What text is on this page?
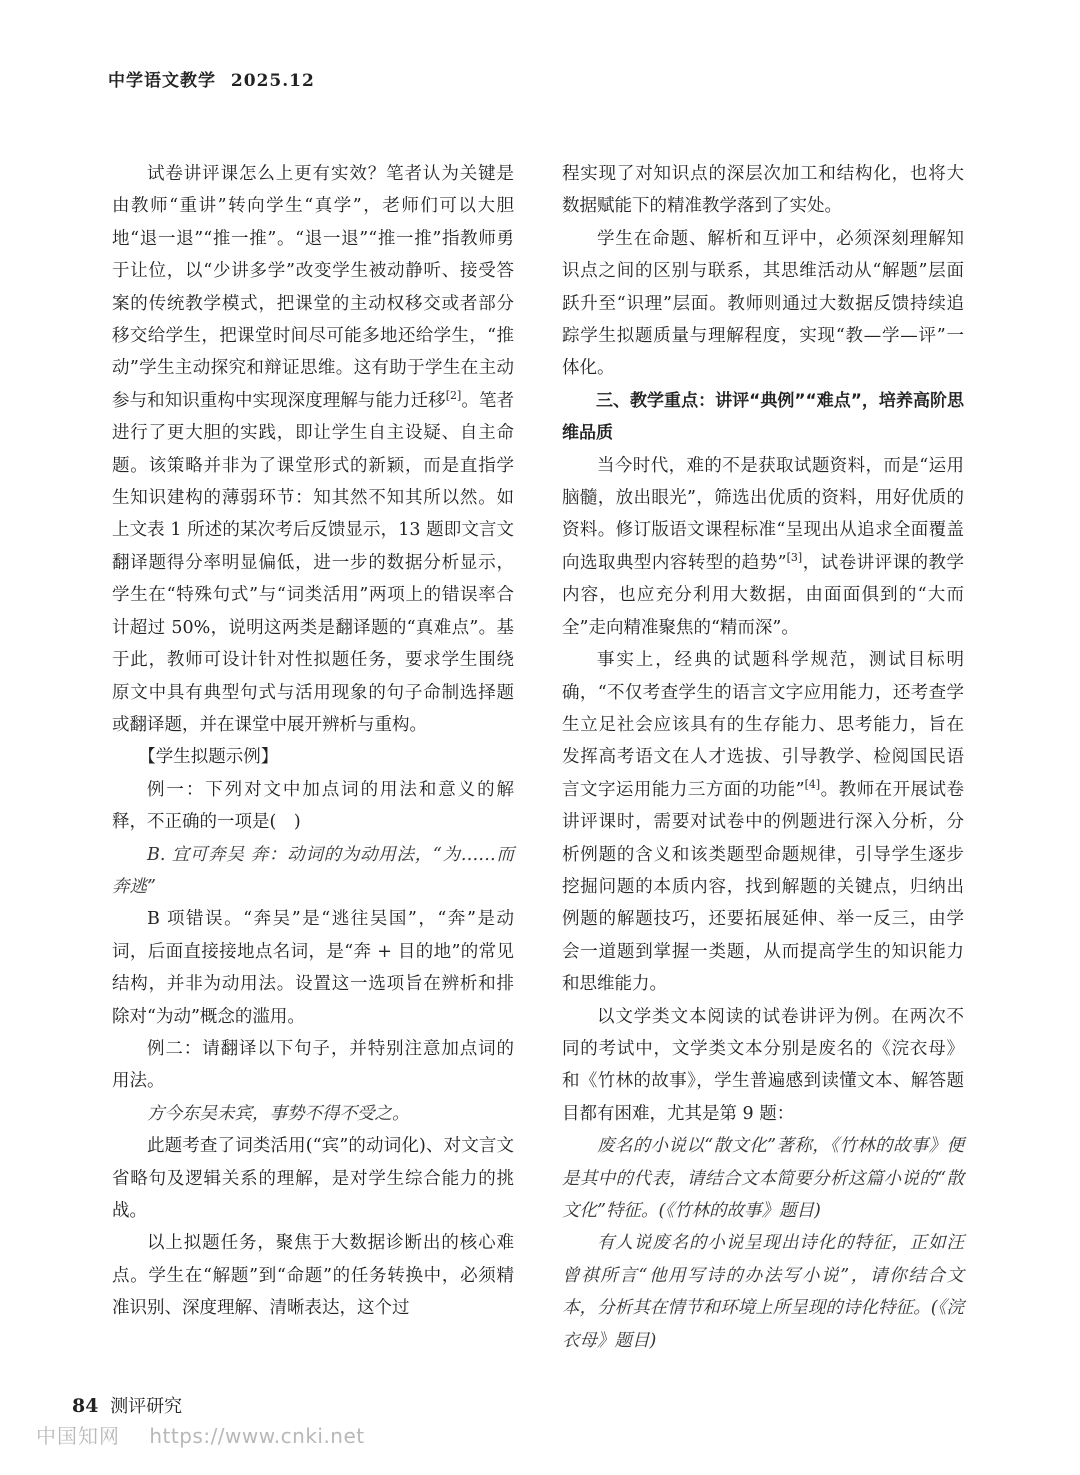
中学语文教学 2025.12

试卷讲评课怎么上更有实效？笔者认为关键是由教师“重讲”转向学生“真学”，老师们可以大胆地“退一退”“推一推”。“退一退”“推一推”指教师勇于让位，以“少讲多学”改变学生被动静听、接受答案的传统教学模式，把课堂的主动权移交或者部分移交给学生，把课堂时间尽可能多地还给学生，“推动”学生主动探究和辩证思维。这有助于学生在主动参与和知识重构中实现深度理解与能力迁移[2]。笔者进行了更大胆的实践，即让学生自主设疑、自主命题。该策略并非为了课堂形式的新颖，而是直指学生知识建构的薄弱环节：知其然不知其所以然。如上文表 1 所述的某次考后反馈显示，13 题即文言文翻译题得分率明显偏低，进一步的数据分析显示，学生在“特殊句式”与“词类活用”两项上的错误率合计超过 50%，说明这两类是翻译题的“真难点”。基于此，教师可设计针对性拟题任务，要求学生围绕原文中具有典型句式与活用现象的句子命制选择题或翻译题，并在课堂中展开辨析与重构。

【学生拟题示例】

例一：下列对文中加点词的用法和意义的解释，不正确的一项是(　)

B. 宜可奔吴 奔：动词的为动用法，“为……而奔逃”

B 项错误。“奔吴”是“逃往吴国”，“奔”是动词，后面直接接地点名词，是“奔 + 目的地”的常见结构，并非为动用法。设置这一选项旨在辨析和排除对“为动”概念的滥用。

例二：请翻译以下句子，并特别注意加点词的用法。

方今东吴未宾，事势不得不受之。

此题考查了词类活用(“宾”的动词化)、对文言文省略句及逻辑关系的理解，是对学生综合能力的挑战。

以上拟题任务，聚焦于大数据诊断出的核心难点。学生在“解题”到“命题”的任务转换中，必须精准识别、深度理解、清晰表达，这个过

程实现了对知识点的深层次加工和结构化，也将大数据赋能下的精准教学落到了实处。

学生在命题、解析和互评中，必须深刻理解知识点之间的区别与联系，其思维活动从“解题”层面跃升至“识理”层面。教师则通过大数据反馈持续追踪学生拟题质量与理解程度，实现“教—学—评”一体化。

三、教学重点：讲评“典例”“难点”，培养高阶思维品质

当今时代，难的不是获取试题资料，而是“运用脑髓，放出眼光”，筛选出优质的资料，用好优质的资料。修订版语文课程标准“呈现出从追求全面覆盖向选取典型内容转型的趋势”[3]，试卷讲评课的教学内容，也应充分利用大数据，由面面俱到的“大而全”走向精准聚焦的“精而深”。

事实上，经典的试题科学规范，测试目标明确，“不仅考查学生的语言文字应用能力，还考查学生立足社会应该具有的生存能力、思考能力，旨在发挥高考语文在人才选拔、引导教学、检阅国民语言文字运用能力三方面的功能”[4]。教师在开展试卷讲评课时，需要对试卷中的例题进行深入分析，分析例题的含义和该类题型命题规律，引导学生逐步挖掘问题的本质内容，找到解题的关键点，归纳出例题的解题技巧，还要拓展延伸、举一反三，由学会一道题到掌握一类题，从而提高学生的知识能力和思维能力。

以文学类文本阅读的试卷讲评为例。在两次不同的考试中，文学类文本分别是废名的《浣衣母》和《竹林的故事》，学生普遍感到读懂文本、解答题目都有困难，尤其是第 9 题：

废名的小说以“散文化”著称，《竹林的故事》便是其中的代表，请结合文本简要分析这篇小说的“散文化”特征。(《竹林的故事》题目)

有人说废名的小说呈现出诗化的特征，正如汪曾祺所言“他用写诗的办法写小说”，请你结合文本，分析其在情节和环境上所呈现的诗化特征。(《浣衣母》题目)

84 测评研究
中国知网 https://www.cnki.net
